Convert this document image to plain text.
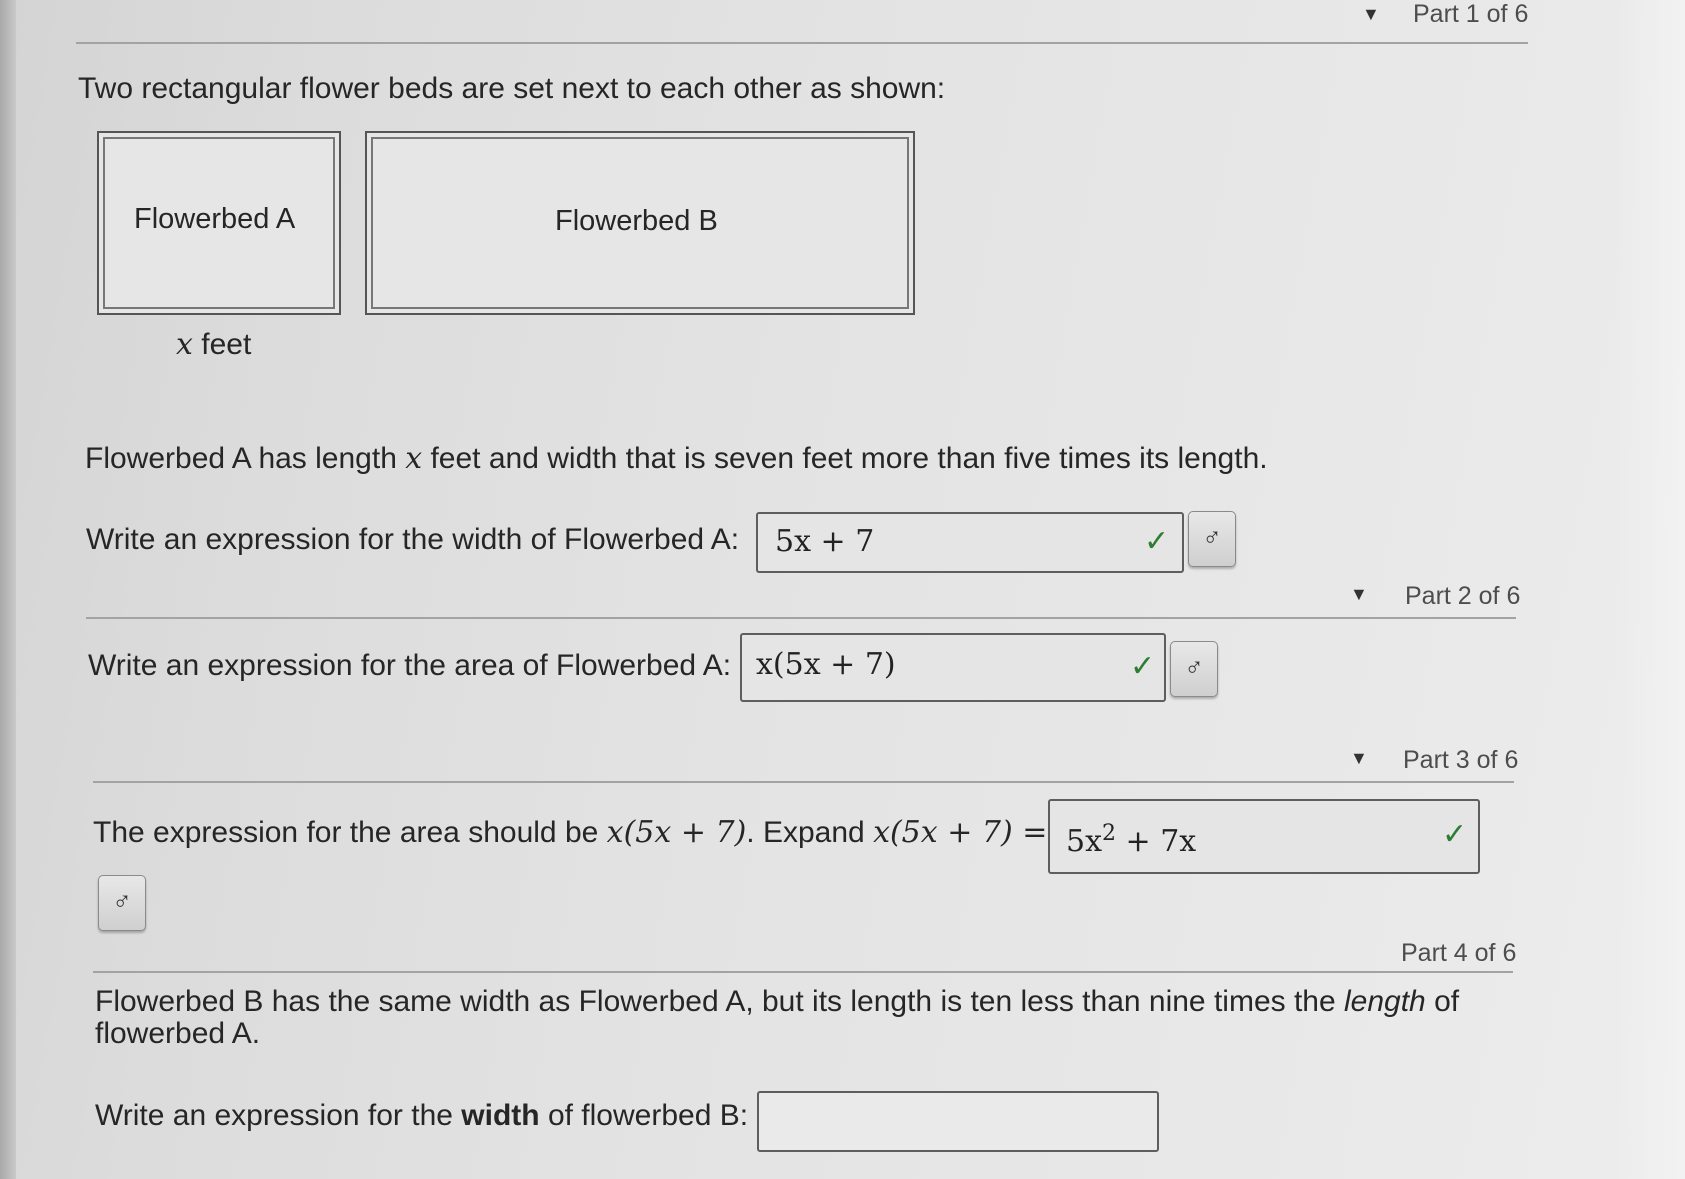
▼ Part 1 of 6
Two rectangular flower beds are set next to each other as shown:
Flowerbed A	Flowerbed B
x feet
Flowerbed A has length x feet and width that is seven feet more than five times its length.
Write an expression for the width of Flowerbed A: 5x + 7	✓	♂
▼ Part 2 of 6
Write an expression for the area of Flowerbed A: x(5x + 7)	✓	♂
▼ Part 3 of 6
The expression for the area should be x(5x + 7). Expand $x(5x + 7) = 5x^2 + 7x$	✓
♂
Part 4 of 6
Flowerbed B has the same width as Flowerbed A, but its length is ten less than nine times the length of
flowerbed A.
Write an expression for the width of flowerbed B:
